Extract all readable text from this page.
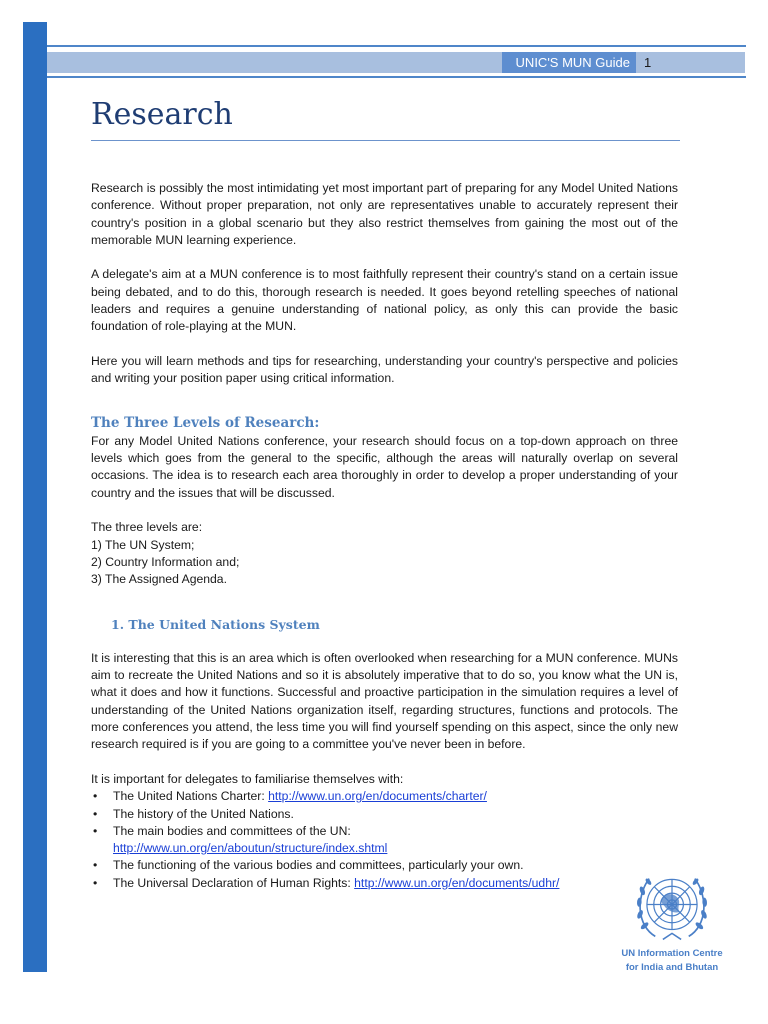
UNIC'S MUN Guide	1
Research

Research is possibly the most intimidating yet most important part of preparing for any Model United Nations conference. Without proper preparation, not only are representatives unable to accurately represent their country's position in a global scenario but they also restrict themselves from gaining the most out of the memorable MUN learning experience.

A delegate's aim at a MUN conference is to most faithfully represent their country's stand on a certain issue being debated, and to do this, thorough research is needed. It goes beyond retelling speeches of national leaders and requires a genuine understanding of national policy, as only this can provide the basic foundation of role-playing at the MUN.

Here you will learn methods and tips for researching, understanding your country's perspective and policies and writing your position paper using critical information.

The Three Levels of Research:

For any Model United Nations conference, your research should focus on a top-down approach on three levels which goes from the general to the specific, although the areas will naturally overlap on several occasions. The idea is to research each area thoroughly in order to develop a proper understanding of your country and the issues that will be discussed.

The three levels are:

1) The UN System;

2) Country Information and;

3) The Assigned Agenda.

1. The United Nations System

It is interesting that this is an area which is often overlooked when researching for a MUN conference. MUNs aim to recreate the United Nations and so it is absolutely imperative that to do so, you know what the UN is, what it does and how it functions. Successful and proactive participation in the simulation requires a level of understanding of the United Nations organization itself, regarding structures, functions and protocols. The more conferences you attend, the less time you will find yourself spending on this aspect, since the only new research required is if you are going to a committee you've never been in before.

It is important for delegates to familiarise themselves with:

• The United Nations Charter: http://www.un.org/en/documents/charter/
• The history of the United Nations.
• The main bodies and committees of the UN:
http://www.un.org/en/aboutun/structure/index.shtml
• The functioning of the various bodies and committees, particularly your own.
• The Universal Declaration of Human Rights: http://www.un.org/en/documents/udhr/
UN Information Centre
for India and Bhutan
